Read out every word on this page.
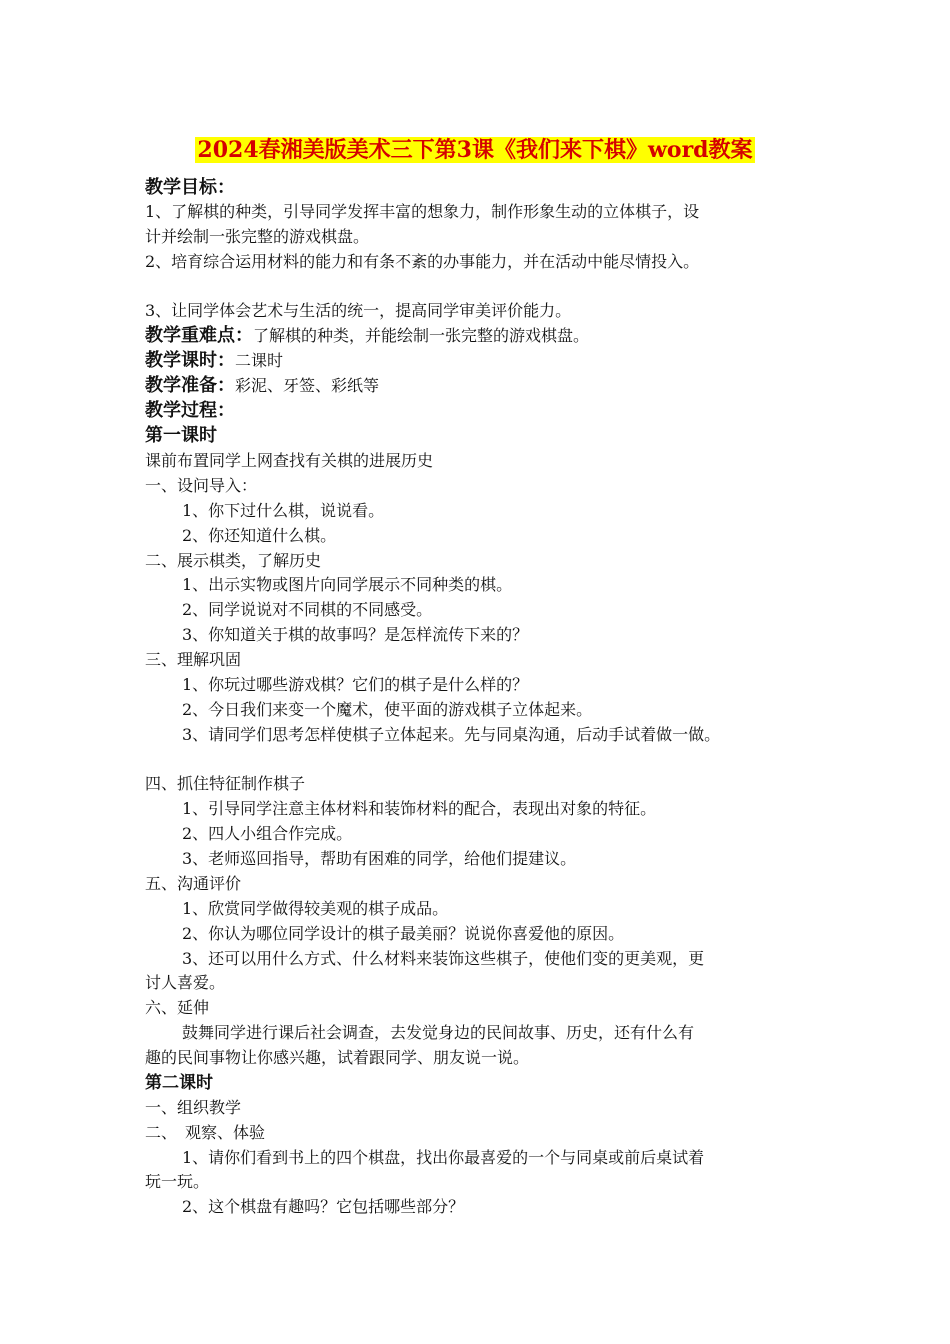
2024春湘美版美术三下第3课《我们来下棋》word教案
教学目标：
1、了解棋的种类，引导同学发挥丰富的想象力，制作形象生动的立体棋子，设
计并绘制一张完整的游戏棋盘。
2、培育综合运用材料的能力和有条不紊的办事能力，并在活动中能尽情投入。
3、让同学体会艺术与生活的统一，提高同学审美评价能力。
教学重难点：了解棋的种类，并能绘制一张完整的游戏棋盘。
教学课时：二课时
教学准备：彩泥、牙签、彩纸等
教学过程：
第一课时
课前布置同学上网查找有关棋的进展历史
一、设问导入：
1、你下过什么棋，说说看。
2、你还知道什么棋。
二、展示棋类，了解历史
1、出示实物或图片向同学展示不同种类的棋。
2、同学说说对不同棋的不同感受。
3、你知道关于棋的故事吗？是怎样流传下来的？
三、理解巩固
1、你玩过哪些游戏棋？它们的棋子是什么样的？
2、今日我们来变一个魔术，使平面的游戏棋子立体起来。
3、请同学们思考怎样使棋子立体起来。先与同桌沟通，后动手试着做一做。
四、抓住特征制作棋子
1、引导同学注意主体材料和装饰材料的配合，表现出对象的特征。
2、四人小组合作完成。
3、老师巡回指导，帮助有困难的同学，给他们提建议。
五、沟通评价
1、欣赏同学做得较美观的棋子成品。
2、你认为哪位同学设计的棋子最美丽？说说你喜爱他的原因。
3、还可以用什么方式、什么材料来装饰这些棋子，使他们变的更美观，更
讨人喜爱。
六、延伸
鼓舞同学进行课后社会调查，去发觉身边的民间故事、历史，还有什么有
趣的民间事物让你感兴趣，试着跟同学、朋友说一说。
第二课时
一、组织教学
二、　观察、体验
1、请你们看到书上的四个棋盘，找出你最喜爱的一个与同桌或前后桌试着
玩一玩。
2、这个棋盘有趣吗？它包括哪些部分？
